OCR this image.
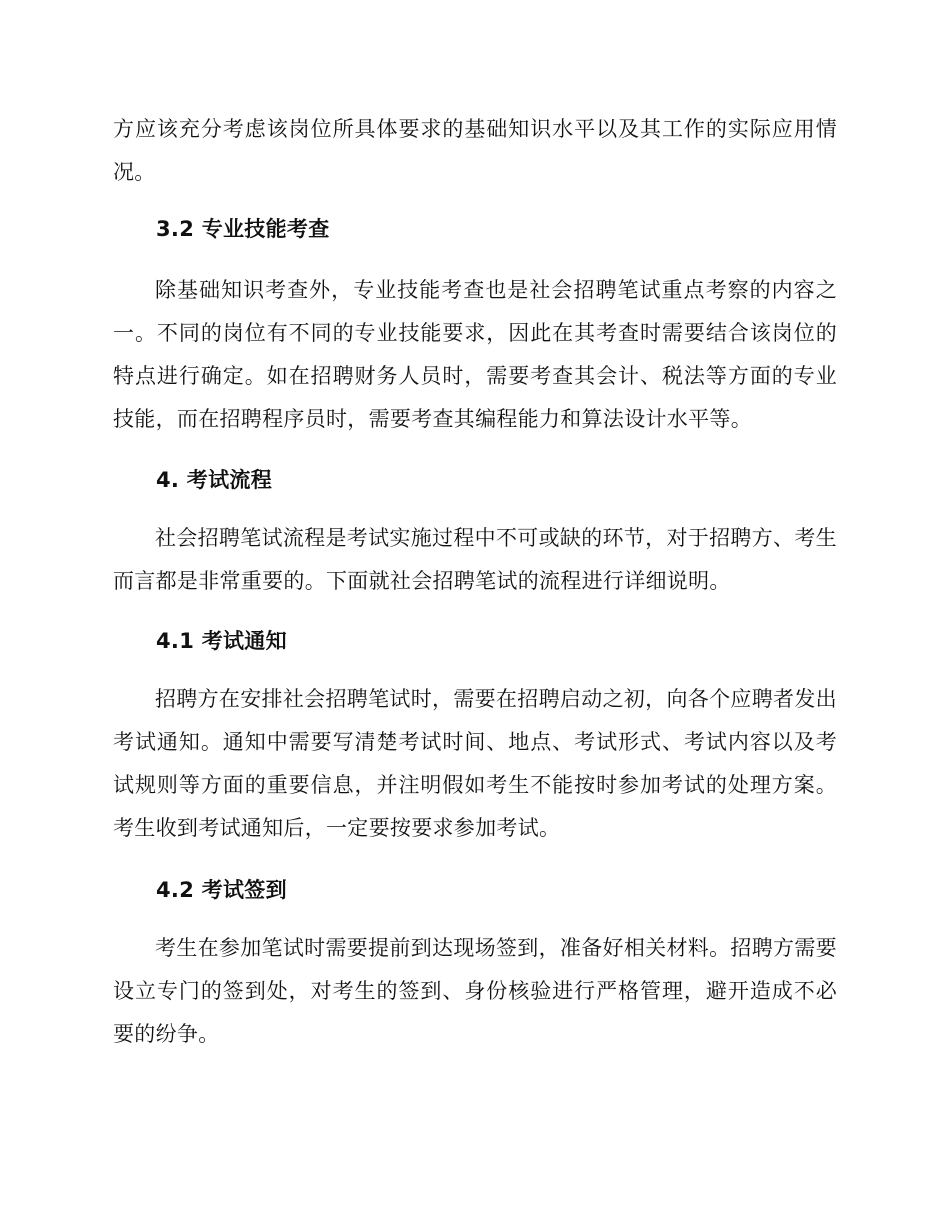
方应该充分考虑该岗位所具体要求的基础知识水平以及其工作的实际应用情况。

3.2 专业技能考查

除基础知识考查外，专业技能考查也是社会招聘笔试重点考察的内容之一。不同的岗位有不同的专业技能要求，因此在其考查时需要结合该岗位的特点进行确定。如在招聘财务人员时，需要考查其会计、税法等方面的专业技能，而在招聘程序员时，需要考查其编程能力和算法设计水平等。

4. 考试流程

社会招聘笔试流程是考试实施过程中不可或缺的环节，对于招聘方、考生而言都是非常重要的。下面就社会招聘笔试的流程进行详细说明。

4.1 考试通知

招聘方在安排社会招聘笔试时，需要在招聘启动之初，向各个应聘者发出考试通知。通知中需要写清楚考试时间、地点、考试形式、考试内容以及考试规则等方面的重要信息，并注明假如考生不能按时参加考试的处理方案。考生收到考试通知后，一定要按要求参加考试。

4.2 考试签到

考生在参加笔试时需要提前到达现场签到，准备好相关材料。招聘方需要设立专门的签到处，对考生的签到、身份核验进行严格管理，避开造成不必要的纷争。
